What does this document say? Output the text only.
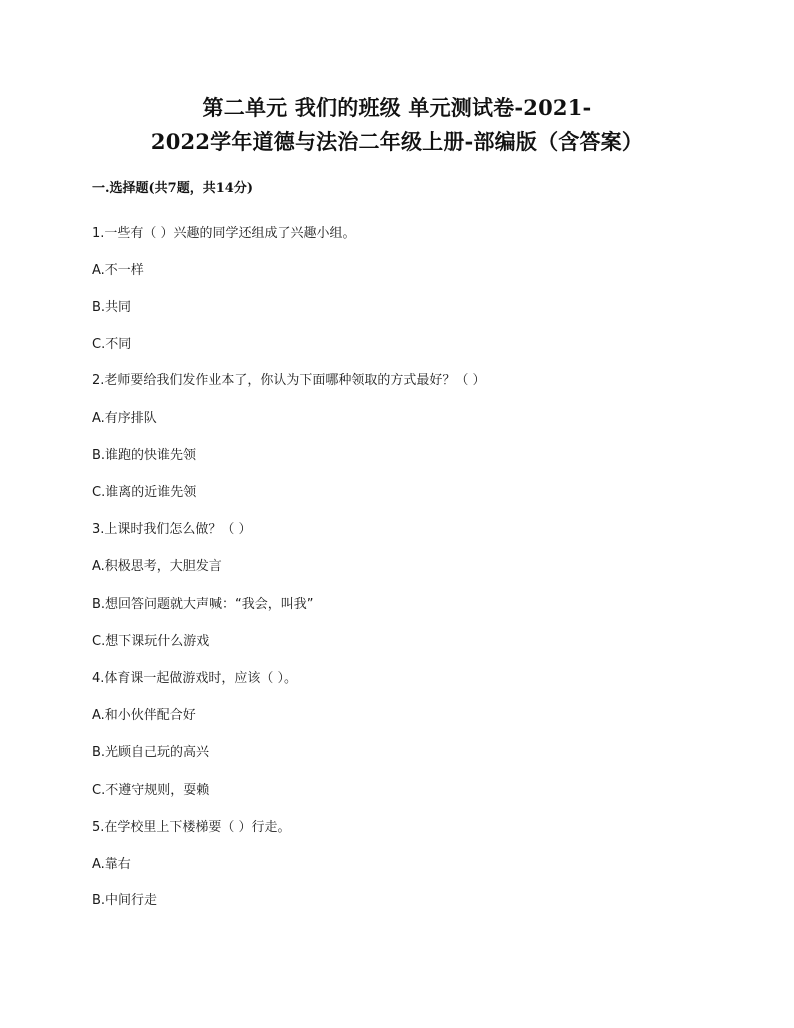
第二单元 我们的班级 单元测试卷-2021-
2022学年道德与法治二年级上册-部编版（含答案）
一.选择题(共7题，共14分)
1.一些有（ ）兴趣的同学还组成了兴趣小组。
A.不一样
B.共同
C.不同
2.老师要给我们发作业本了，你认为下面哪种领取的方式最好？（ ）
A.有序排队
B.谁跑的快谁先领
C.谁离的近谁先领
3.上课时我们怎么做？（ ）
A.积极思考，大胆发言
B.想回答问题就大声喊：“我会，叫我”
C.想下课玩什么游戏
4.体育课一起做游戏时，应该（ ）。
A.和小伙伴配合好
B.光顾自己玩的高兴
C.不遵守规则，耍赖
5.在学校里上下楼梯要（ ）行走。
A.靠右
B.中间行走
